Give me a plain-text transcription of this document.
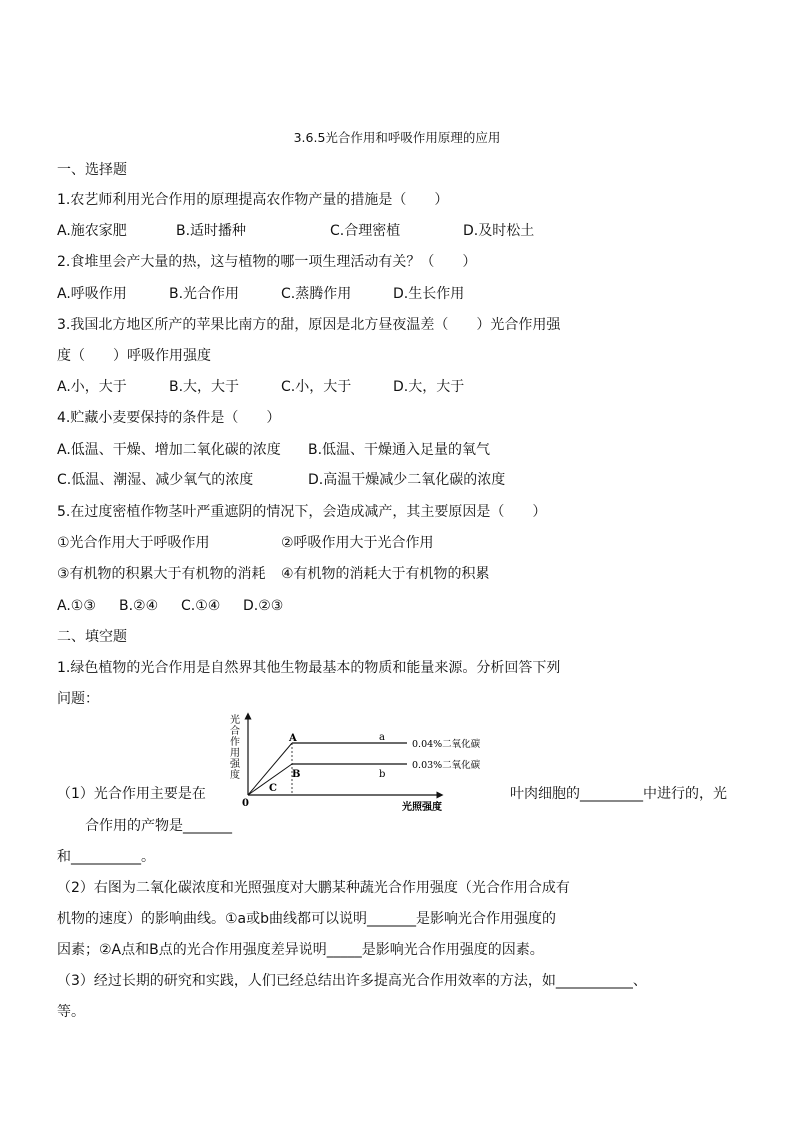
3.6.5光合作用和呼吸作用原理的应用
一、选择题
1.农艺师利用光合作用的原理提高农作物产量的措施是（　　）
A.施农家肥	B.适时播种	C.合理密植	D.及时松土
2.食堆里会产大量的热，这与植物的哪一项生理活动有关？（　　）
A.呼吸作用	B.光合作用	C.蒸腾作用	D.生长作用
3.我国北方地区所产的苹果比南方的甜，原因是北方昼夜温差（　　）光合作用强
度（　　）呼吸作用强度
A.小，大于	B.大，大于	C.小，大于	D.大，大于
4.贮藏小麦要保持的条件是（　　）
A.低温、干燥、增加二氧化碳的浓度 B.低温、干燥通入足量的氧气
C.低温、潮湿、减少氧气的浓度	D.高温干燥减少二氧化碳的浓度
5.在过度密植作物茎叶严重遮阴的情况下，会造成减产，其主要原因是（　　）
①光合作用大于呼吸作用	②呼吸作用大于光合作用
③有机物的积累大于有机物的消耗 ④有机物的消耗大于有机物的积累
A.①③ B.②④ C.①④ D.②③
二、填空题
1.绿色植物的光合作用是自然界其他生物最基本的物质和能量来源。分析回答下列
问题：
光
合
作
用
强
度
0	光照强度
A
B
C
a
b
0.04%二氧化碳
0.03%二氧化碳
（1）光合作用主要是在	叶肉细胞的_________中进行的，光
合作用的产物是_______
和__________。
（2）右图为二氧化碳浓度和光照强度对大鹏某种蔬光合作用强度（光合作用合成有
机物的速度）的影响曲线。①a或b曲线都可以说明_______是影响光合作用强度的
因素；②A点和B点的光合作用强度差异说明_____是影响光合作用强度的因素。
（3）经过长期的研究和实践，人们已经总结出许多提高光合作用效率的方法，如___________、
等。
